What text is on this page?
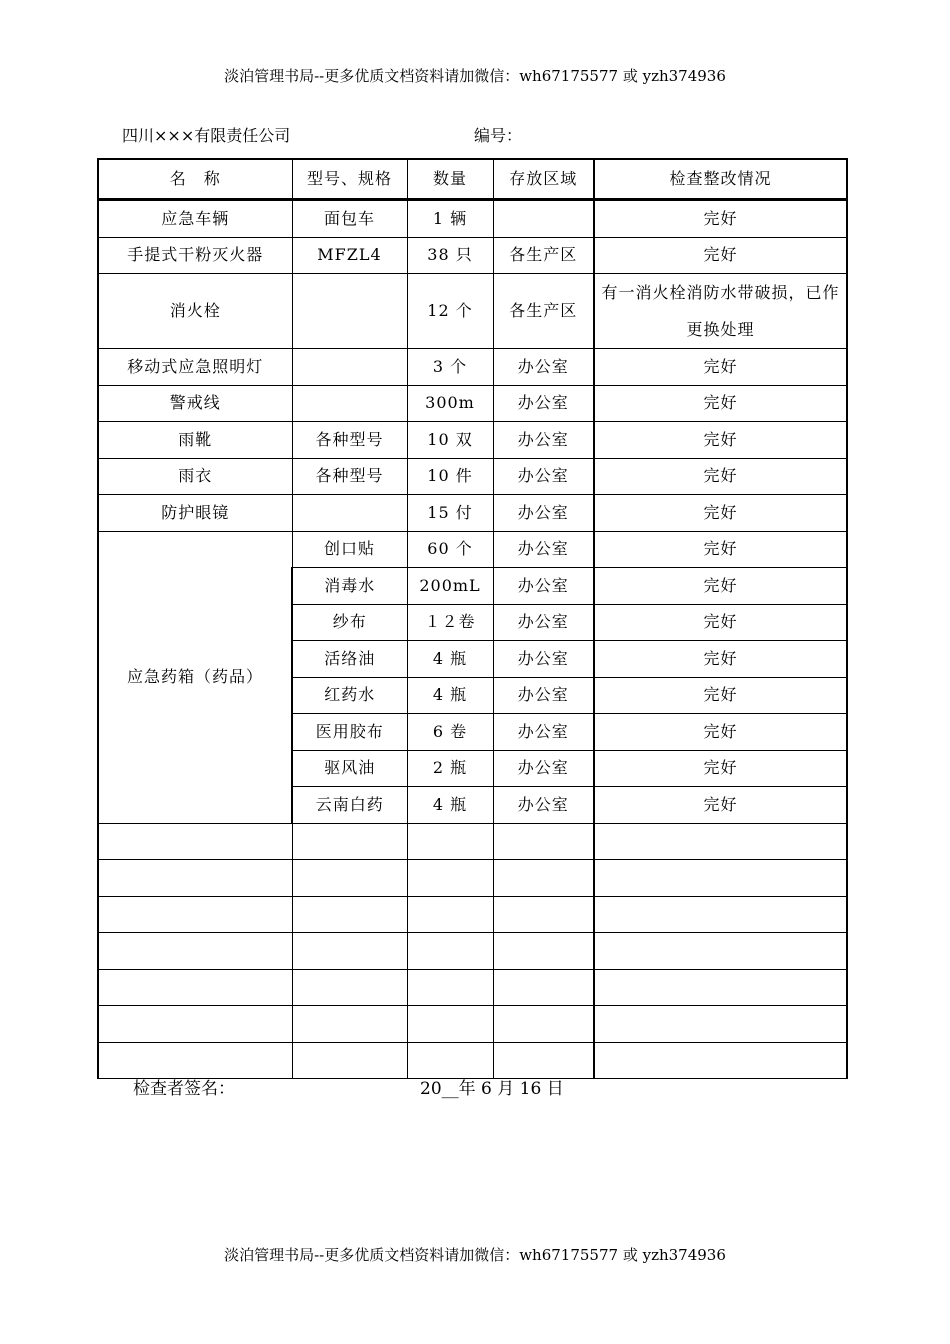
淡泊管理书局--更多优质文档资料请加微信：wh67175577 或 yzh374936
四川×××有限责任公司	编号：
名　称	型号、规格	数量	存放区域	检查整改情况
应急车辆	面包车	1 辆		完好
手提式干粉灭火器	MFZL4	38 只	各生产区	完好
消火栓		12 个	各生产区	有一消火栓消防水带破损，已作更换处理
移动式应急照明灯		3 个	办公室	完好
警戒线		300m	办公室	完好
雨靴	各种型号	10 双	办公室	完好
雨衣	各种型号	10 件	办公室	完好
防护眼镜		15 付	办公室	完好
应急药箱（药品）	创口贴	60 个	办公室	完好
	消毒水	200mL	办公室	完好
	纱布	１２卷	办公室	完好
	活络油	4 瓶	办公室	完好
	红药水	4 瓶	办公室	完好
	医用胶布	6 卷	办公室	完好
	驱风油	2 瓶	办公室	完好
	云南白药	4 瓶	办公室	完好

检查者签名：	20__年 6 月 16 日
淡泊管理书局--更多优质文档资料请加微信：wh67175577 或 yzh374936
